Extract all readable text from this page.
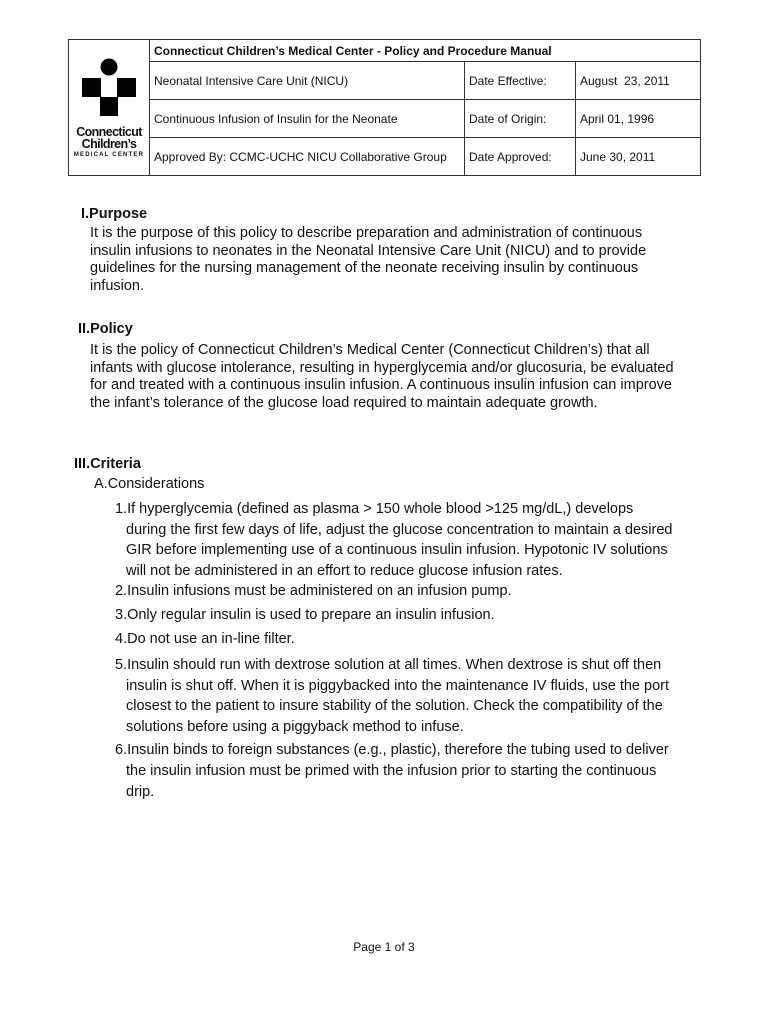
Connecticut
Children’s
MEDICAL CENTER	Connecticut Children’s Medical Center - Policy and Procedure Manual		
	Neonatal Intensive Care Unit (NICU)	Date Effective:	August  23, 2011
	Continuous Infusion of Insulin for the Neonate	Date of Origin:	April 01, 1996
	Approved By: CCMC-UCHC NICU Collaborative Group	Date Approved:	June 30, 2011
I.Purpose

It is the purpose of this policy to describe preparation and administration of continuous insulin infusions to neonates in the Neonatal Intensive Care Unit (NICU) and to provide guidelines for the nursing management of the neonate receiving insulin by continuous infusion.

II.Policy

It is the policy of Connecticut Children’s Medical Center (Connecticut Children’s) that all infants with glucose intolerance, resulting in hyperglycemia and/or glucosuria, be evaluated for and treated with a continuous insulin infusion. A continuous insulin infusion can improve the infant’s tolerance of the glucose load required to maintain adequate growth.

III.Criteria
A.Considerations
1.If hyperglycemia (defined as plasma > 150 whole blood >125 mg/dL,) develops during the first few days of life, adjust the glucose concentration to maintain a desired GIR before implementing use of a continuous insulin infusion. Hypotonic IV solutions will not be administered in an effort to reduce glucose infusion rates.
2.Insulin infusions must be administered on an infusion pump.
3.Only regular insulin is used to prepare an insulin infusion.
4.Do not use an in-line filter.
5.Insulin should run with dextrose solution at all times. When dextrose is shut off then insulin is shut off. When it is piggybacked into the maintenance IV fluids, use the port closest to the patient to insure stability of the solution. Check the compatibility of the solutions before using a piggyback method to infuse.
6.Insulin binds to foreign substances (e.g., plastic), therefore the tubing used to deliver the insulin infusion must be primed with the infusion prior to starting the continuous drip.
Page 1 of 3
